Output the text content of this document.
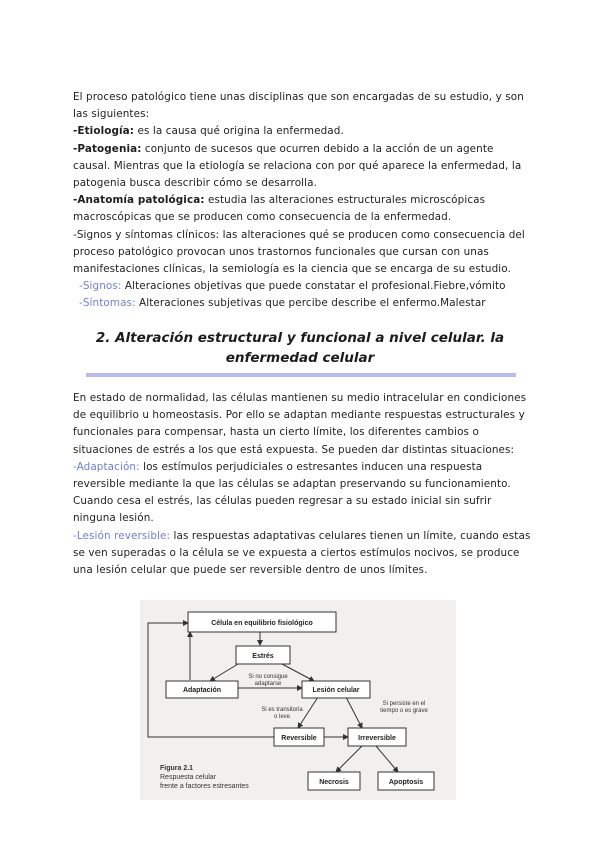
El proceso patológico tiene unas disciplinas que son encargadas de su estudio, y son las siguientes:
-Etiología: es la causa qué origina la enfermedad.
-Patogenia: conjunto de sucesos que ocurren debido a la acción de un agente causal. Mientras que la etiología se relaciona con por qué aparece la enfermedad, la patogenia busca describir cómo se desarrolla.
-Anatomía patológica: estudia las alteraciones estructurales microscópicas macroscópicas que se producen como consecuencia de la enfermedad.
-Signos y síntomas clínicos: las alteraciones qué se producen como consecuencia del proceso patológico provocan unos trastornos funcionales que cursan con unas manifestaciones clínicas, la semiología es la ciencia que se encarga de su estudio.
-Signos: Alteraciones objetivas que puede constatar el profesional.Fiebre,vómito
-Síntomas: Alteraciones subjetivas que percibe describe el enfermo.Malestar
2. Alteración estructural y funcional a nivel celular. la enfermedad celular
En estado de normalidad, las células mantienen su medio intracelular en condiciones de equilibrio u homeostasis. Por ello se adaptan mediante respuestas estructurales y funcionales para compensar, hasta un cierto límite, los diferentes cambios o situaciones de estrés a los que está expuesta. Se pueden dar distintas situaciones:
-Adaptación: los estímulos perjudiciales o estresantes inducen una respuesta reversible mediante la que las células se adaptan preservando su funcionamiento. Cuando cesa el estrés, las células pueden regresar a su estado inicial sin sufrir ninguna lesión.
-Lesión reversible: las respuestas adaptativas celulares tienen un límite, cuando estas se ven superadas o la célula se ve expuesta a ciertos estímulos nocivos, se produce una lesión celular que puede ser reversible dentro de unos límites.
Célula en equilibrio fisiológico
Estrés
Adaptación	Lesión celular
Reversible	Irreversible
Necrosis	Apoptosis
Si no consigue
adaptarse
Si es transitoria
o leve
Si persiste en el
tiempo o es grave
Figura 2.1
Respuesta celular
frente a factores estresantes
